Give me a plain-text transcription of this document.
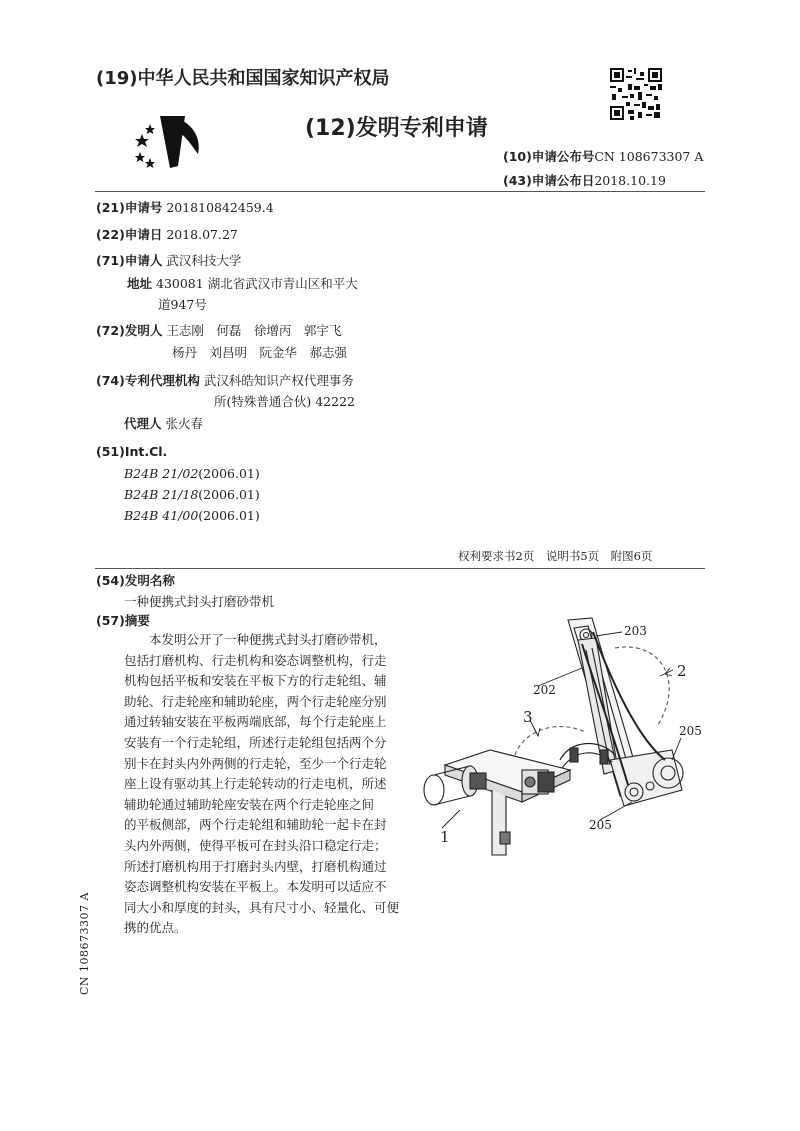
(19)中华人民共和国国家知识产权局
(12)发明专利申请
(10)申请公布号CN 108673307 A
(43)申请公布日2018.10.19
(21)申请号 201810842459.4
(22)申请日 2018.07.27
(71)申请人 武汉科技大学
地址 430081 湖北省武汉市青山区和平大
道947号
(72)发明人 王志刚　何磊　徐增丙　郭宇飞
杨丹　刘昌明　阮金华　郝志强
(74)专利代理机构 武汉科皓知识产权代理事务
所(特殊普通合伙) 42222
代理人 张火春
(51)Int.Cl.
B24B 21/02(2006.01)
B24B 21/18(2006.01)
B24B 41/00(2006.01)
权利要求书2页　说明书5页　附图6页
(54)发明名称
一种便携式封头打磨砂带机
(57)摘要
　　本发明公开了一种便携式封头打磨砂带机，
包括打磨机构、行走机构和姿态调整机构，行走
机构包括平板和安装在平板下方的行走轮组、辅
助轮、行走轮座和辅助轮座，两个行走轮座分别
通过转轴安装在平板两端底部，每个行走轮座上
安装有一个行走轮组，所述行走轮组包括两个分
别卡在封头内外两侧的行走轮，至少一个行走轮
座上设有驱动其上行走轮转动的行走电机，所述
辅助轮通过辅助轮座安装在两个行走轮座之间
的平板侧部，两个行走轮组和辅助轮一起卡在封
头内外两侧，使得平板可在封头沿口稳定行走；
所述打磨机构用于打磨封头内壁，打磨机构通过
姿态调整机构安装在平板上。本发明可以适应不
同大小和厚度的封头，具有尺寸小、轻量化、可便
携的优点。
203
2
202
3
205
1
205
CN 108673307 A
